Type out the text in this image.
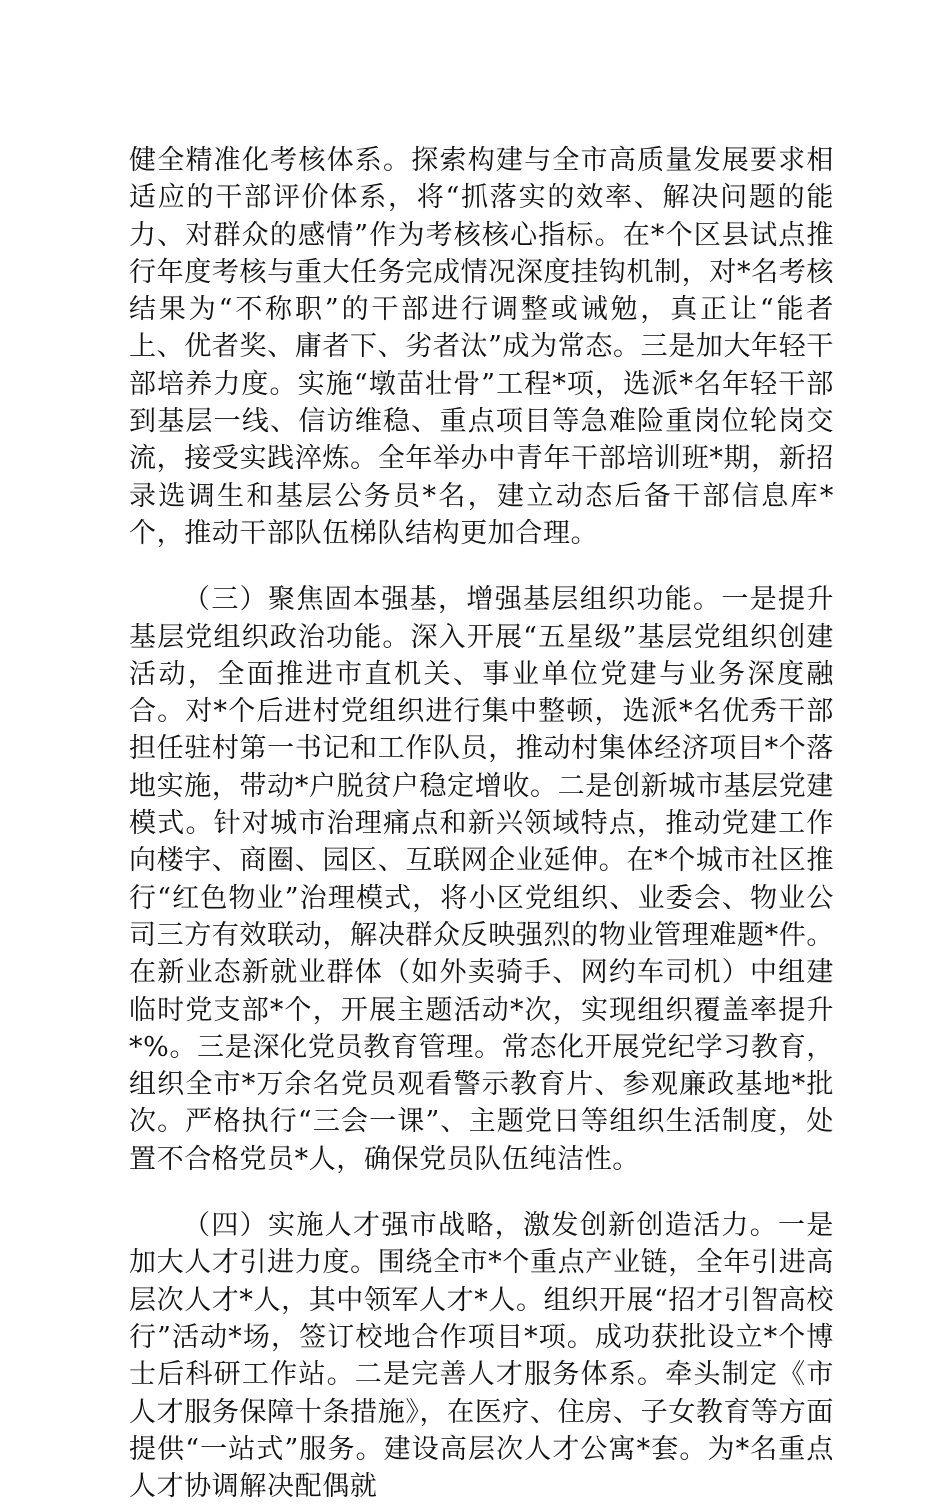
健全精准化考核体系。探索构建与全市高质量发展要求相适应的干部评价体系，将“抓落实的效率、解决问题的能力、对群众的感情”作为考核核心指标。在*个区县试点推行年度考核与重大任务完成情况深度挂钩机制，对*名考核结果为“不称职”的干部进行调整或诫勉，真正让“能者上、优者奖、庸者下、劣者汰”成为常态。三是加大年轻干部培养力度。实施“墩苗壮骨”工程*项，选派*名年轻干部到基层一线、信访维稳、重点项目等急难险重岗位轮岗交流，接受实践淬炼。全年举办中青年干部培训班*期，新招录选调生和基层公务员*名，建立动态后备干部信息库*个，推动干部队伍梯队结构更加合理。

（三）聚焦固本强基，增强基层组织功能。一是提升基层党组织政治功能。深入开展“五星级”基层党组织创建活动，全面推进市直机关、事业单位党建与业务深度融合。对*个后进村党组织进行集中整顿，选派*名优秀干部担任驻村第一书记和工作队员，推动村集体经济项目*个落地实施，带动*户脱贫户稳定增收。二是创新城市基层党建模式。针对城市治理痛点和新兴领域特点，推动党建工作向楼宇、商圈、园区、互联网企业延伸。在*个城市社区推行“红色物业”治理模式，将小区党组织、业委会、物业公司三方有效联动，解决群众反映强烈的物业管理难题*件。在新业态新就业群体（如外卖骑手、网约车司机）中组建临时党支部*个，开展主题活动*次，实现组织覆盖率提升*%。三是深化党员教育管理。常态化开展党纪学习教育，组织全市*万余名党员观看警示教育片、参观廉政基地*批次。严格执行“三会一课”、主题党日等组织生活制度，处置不合格党员*人，确保党员队伍纯洁性。

（四）实施人才强市战略，激发创新创造活力。一是加大人才引进力度。围绕全市*个重点产业链，全年引进高层次人才*人，其中领军人才*人。组织开展“招才引智高校行”活动*场，签订校地合作项目*项。成功获批设立*个博士后科研工作站。二是完善人才服务体系。牵头制定《市人才服务保障十条措施》，在医疗、住房、子女教育等方面提供“一站式”服务。建设高层次人才公寓*套。为*名重点人才协调解决配偶就
